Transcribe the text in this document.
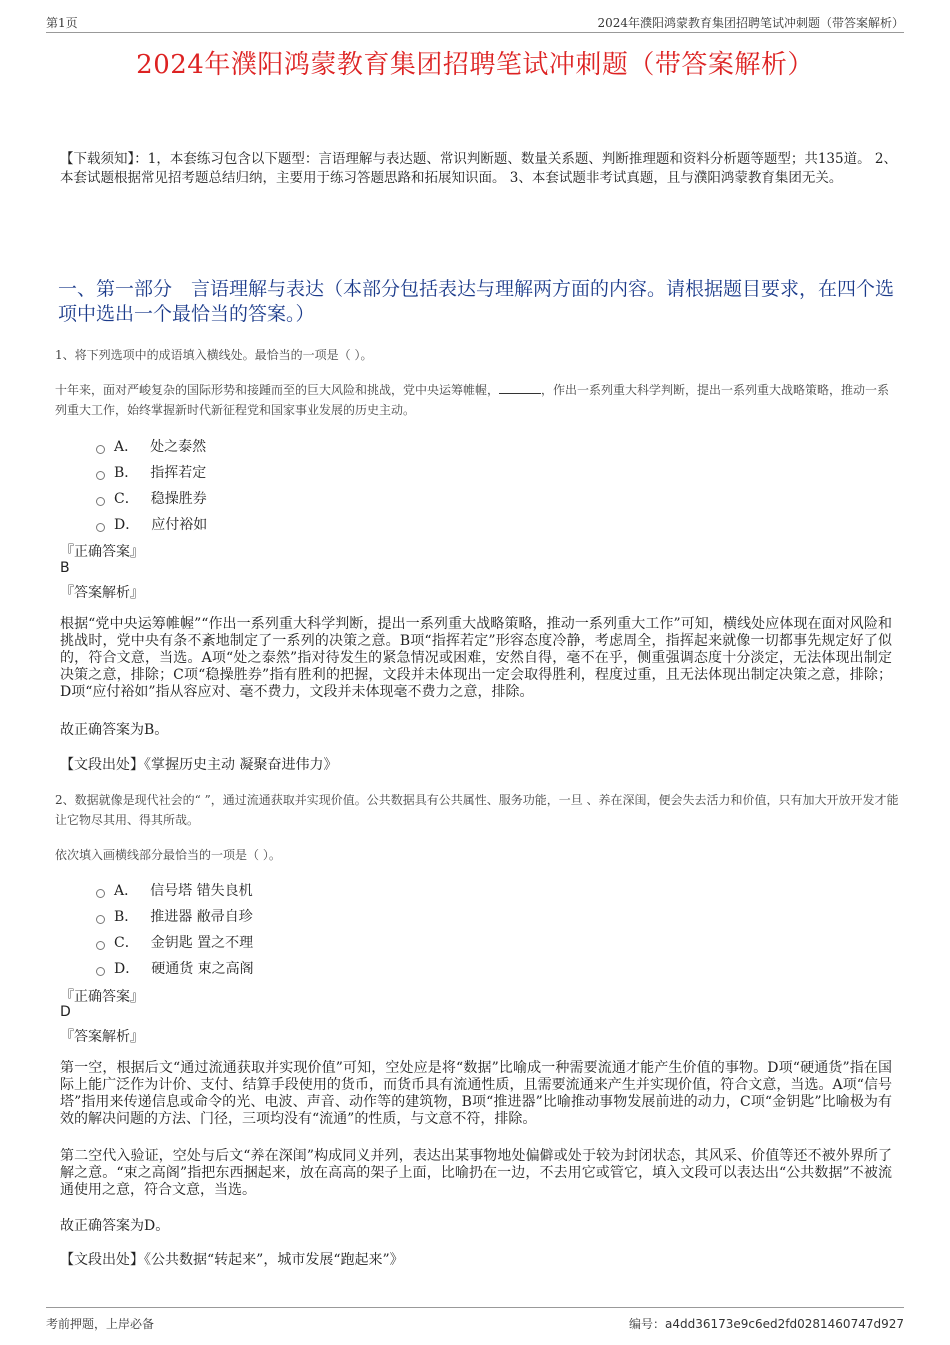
第1页	2024年濮阳鸿蒙教育集团招聘笔试冲刺题（带答案解析）
2024年濮阳鸿蒙教育集团招聘笔试冲刺题（带答案解析）
【下载须知】：1，本套练习包含以下题型：言语理解与表达题、常识判断题、数量关系题、判断推理题和资料分析题等题型；共135道。 2、本套试题根据常见招考题总结归纳，主要用于练习答题思路和拓展知识面。 3、本套试题非考试真题，且与濮阳鸿蒙教育集团无关。
一、第一部分　言语理解与表达（本部分包括表达与理解两方面的内容。请根据题目要求，在四个选项中选出一个最恰当的答案。）
1、将下列选项中的成语填入横线处。最恰当的一项是（ ）。
十年来，面对严峻复杂的国际形势和接踵而至的巨大风险和挑战，党中央运筹帷幄，	，作出一系列重大科学判断，提出一系列重大战略策略，推动一系列重大工作，始终掌握新时代新征程党和国家事业发展的历史主动。
A． 处之泰然
B． 指挥若定
C． 稳操胜券
D． 应付裕如
『正确答案』
B
『答案解析』
根据“党中央运筹帷幄”“作出一系列重大科学判断，提出一系列重大战略策略，推动一系列重大工作”可知，横线处应体现在面对风险和挑战时，党中央有条不紊地制定了一系列的决策之意。B项“指挥若定”形容态度冷静，考虑周全，指挥起来就像一切都事先规定好了似的，符合文意，当选。A项“处之泰然”指对待发生的紧急情况或困难，安然自得，毫不在乎，侧重强调态度十分淡定，无法体现出制定决策之意，排除；C项“稳操胜券”指有胜利的把握，文段并未体现出一定会取得胜利，程度过重，且无法体现出制定决策之意，排除；D项“应付裕如”指从容应对、毫不费力，文段并未体现毫不费力之意，排除。
故正确答案为B。
【文段出处】《掌握历史主动 凝聚奋进伟力》
2、数据就像是现代社会的“ ”，通过流通获取并实现价值。公共数据具有公共属性、服务功能，一旦 、养在深闺，便会失去活力和价值，只有加大开放开发才能让它物尽其用、得其所哉。
依次填入画横线部分最恰当的一项是（ ）。
A． 信号塔 错失良机
B． 推进器 敝帚自珍
C． 金钥匙 置之不理
D． 硬通货 束之高阁
『正确答案』
D
『答案解析』
第一空，根据后文“通过流通获取并实现价值”可知，空处应是将“数据”比喻成一种需要流通才能产生价值的事物。D项“硬通货”指在国际上能广泛作为计价、支付、结算手段使用的货币，而货币具有流通性质，且需要流通来产生并实现价值，符合文意，当选。A项“信号塔”指用来传递信息或命令的光、电波、声音、动作等的建筑物，B项“推进器”比喻推动事物发展前进的动力，C项“金钥匙”比喻极为有效的解决问题的方法、门径，三项均没有“流通”的性质，与文意不符，排除。
第二空代入验证，空处与后文“养在深闺”构成同义并列，表达出某事物地处偏僻或处于较为封闭状态，其风采、价值等还不被外界所了解之意。“束之高阁”指把东西捆起来，放在高高的架子上面，比喻扔在一边，不去用它或管它，填入文段可以表达出“公共数据”不被流通使用之意，符合文意，当选。
故正确答案为D。
【文段出处】《公共数据“转起来”，城市发展“跑起来”》
考前押题，上岸必备	编号：a4dd36173e9c6ed2fd0281460747d927
